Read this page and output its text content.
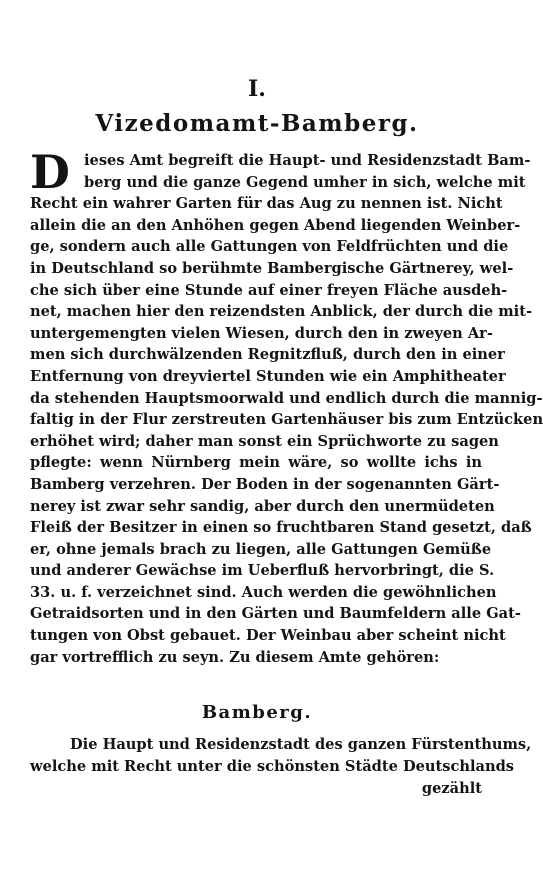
I.
Vizedomamt-Bamberg.
D ieses Amt begreift die Haupt- und Residenzstadt Bam-
berg und die ganze Gegend umher in sich, welche mit
Recht ein wahrer Garten für das Aug zu nennen ist. Nicht
allein die an den Anhöhen gegen Abend liegenden Weinber-
ge, sondern auch alle Gattungen von Feldfrüchten und die
in Deutschland so berühmte Bambergische Gärtnerey, wel-
che sich über eine Stunde auf einer freyen Fläche ausdeh-
net, machen hier den reizendsten Anblick, der durch die mit-
untergemengten vielen Wiesen, durch den in zweyen Ar-
men sich durchwälzenden Regnitzfluß, durch den in einer
Entfernung von dreyviertel Stunden wie ein Amphitheater
da stehenden Hauptsmoorwald und endlich durch die mannig-
faltig in der Flur zerstreuten Gartenhäuser bis zum Entzücken
erhöhet wird; daher man sonst ein Sprüchworte zu sagen
pflegte: wenn Nürnberg mein wäre, so wollte ichs in
Bamberg verzehren. Der Boden in der sogenannten Gärt-
nerey ist zwar sehr sandig, aber durch den unermüdeten
Fleiß der Besitzer in einen so fruchtbaren Stand gesetzt, daß
er, ohne jemals brach zu liegen, alle Gattungen Gemüße
und anderer Gewächse im Ueberfluß hervorbringt, die S.
33. u. f. verzeichnet sind. Auch werden die gewöhnlichen
Getraidsorten und in den Gärten und Baumfeldern alle Gat-
tungen von Obst gebauet. Der Weinbau aber scheint nicht
gar vortrefflich zu seyn. Zu diesem Amte gehören:
Bamberg.
Die Haupt und Residenzstadt des ganzen Fürstenthums,
welche mit Recht unter die schönsten Städte Deutschlands
gezählt
